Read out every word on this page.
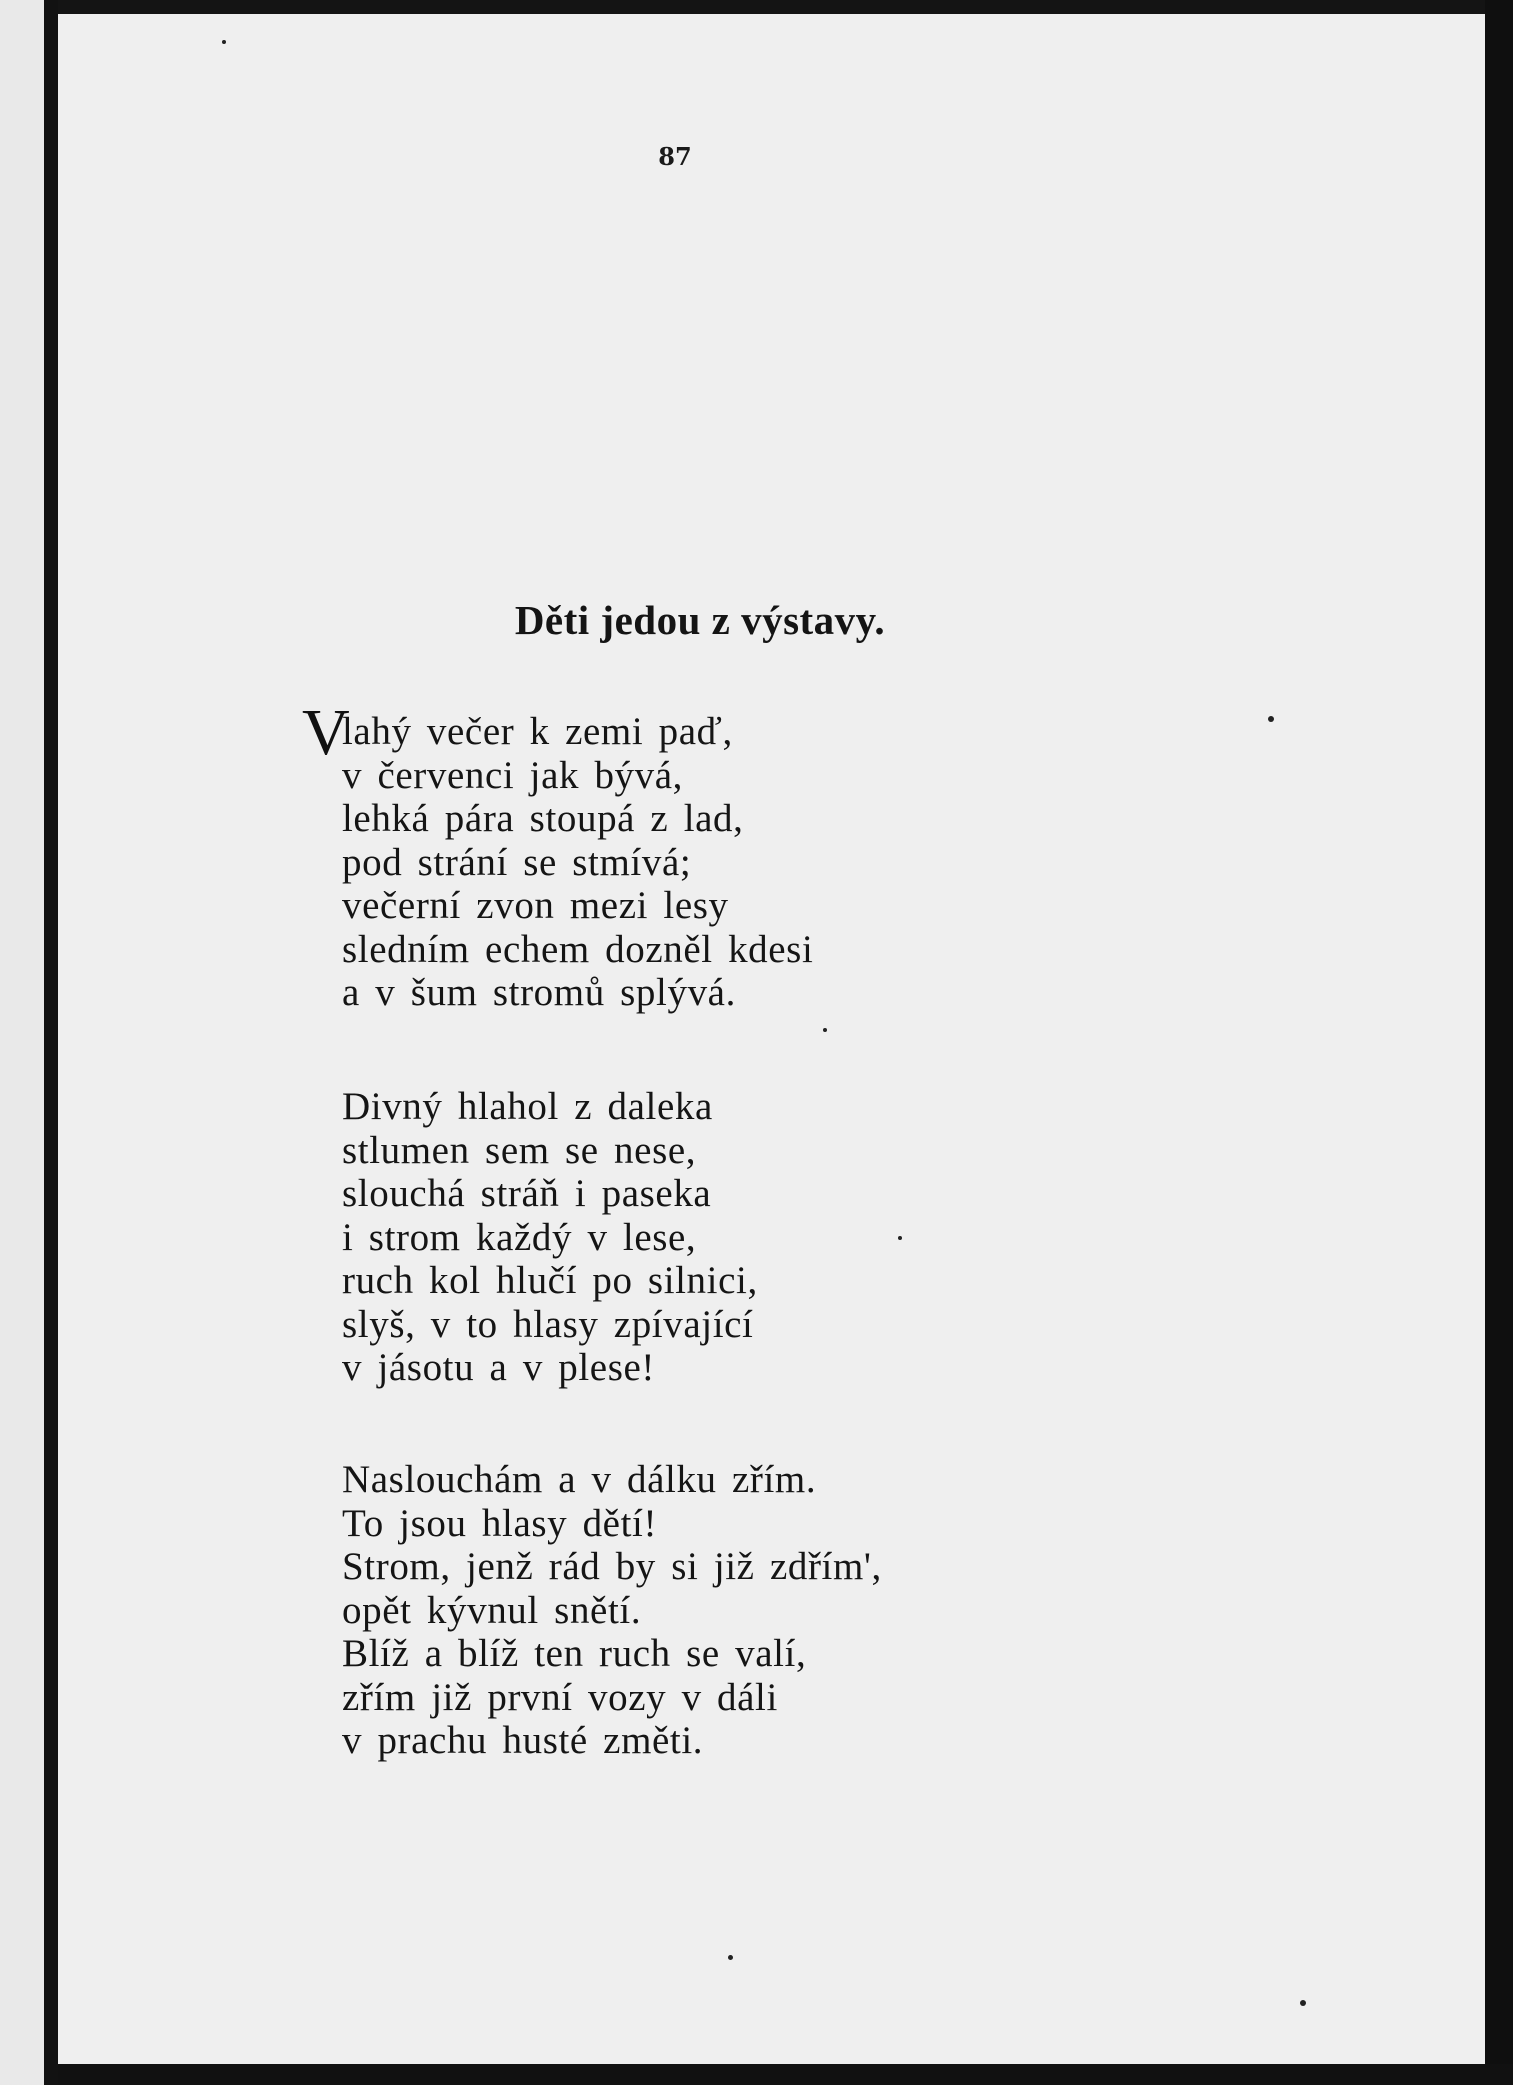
87
Děti jedou z výstavy.
V
lahý večer k zemi paď,
v červenci jak bývá,
lehká pára stoupá z lad,
pod strání se stmívá;
večerní zvon mezi lesy
sledním echem dozněl kdesi
a v šum stromů splývá.
Divný hlahol z daleka
stlumen sem se nese,
slouchá stráň i paseka
i strom každý v lese,
ruch kol hlučí po silnici,
slyš, v to hlasy zpívající
v jásotu a v plese!
Naslouchám a v dálku zřím.
To jsou hlasy dětí!
Strom, jenž rád by si již zdřím',
opět kývnul snětí.
Blíž a blíž ten ruch se valí,
zřím již první vozy v dáli
v prachu husté změti.
